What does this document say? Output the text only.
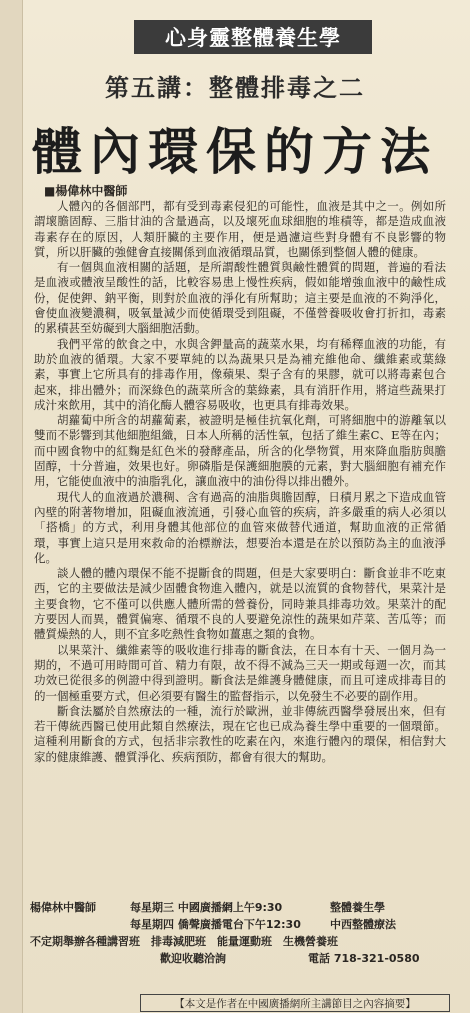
心身靈整體養生學
第五講：整體排毒之二
體內環保的方法
■楊偉林中醫師

人體內的各個部門，都有受到毒素侵犯的可能性，血液是其中之一。例如所謂壞膽固醇、三脂甘油的含量過高，以及壞死血球細胞的堆積等，都是造成血液毒素存在的原因，人類肝臟的主要作用，便是過濾這些對身體有不良影響的物質，所以肝臟的強健會直接關係到血液循環品質，也關係到整個人體的健康。

有一個與血液相關的話題，是所謂酸性體質與鹼性體質的問題，普遍的看法是血液或體液呈酸性的話，比較容易患上慢性疾病，假如能增強血液中的鹼性成份，促使鉀、鈉平衡，則對於血液的淨化有所幫助；這主要是血液的不夠淨化，會使血液變濃稠，吸氧量減少而使循環受到阻礙，不僅營養吸收會打折扣，毒素的累積甚至妨礙到大腦細胞活動。

我們平常的飲食之中，水與含鉀量高的蔬菜水果，均有稀釋血液的功能，有助於血液的循環。大家不要單純的以為蔬果只是為補充維他命、纖維素或葉綠素，事實上它所具有的排毒作用，像蘋果、梨子含有的果膠，就可以將毒素包合起來，排出體外；而深綠色的蔬菜所含的葉綠素，具有消肝作用，將這些蔬果打成汁來飲用，其中的消化酶人體容易吸收，也更具有排毒效果。

胡蘿蔔中所含的胡蘿蔔素，被證明是極佳抗氧化劑，可將細胞中的游離氧以雙而不影響到其他細胞組織，日本人所稱的活性氧，包括了維生素C、E等在內；而中國食物中的紅麴是紅色米的發酵產品，所含的化學物質，用來降血脂肪與膽固醇，十分普遍，效果也好。卵磷脂是保護細胞膜的元素，對大腦細胞有補充作用，它能使血液中的油脂乳化，讓血液中的油份得以排出體外。

現代人的血液過於濃稠、含有過高的油脂與膽固醇，日積月累之下造成血管內壁的附著物增加，阻礙血液流通，引發心血管的疾病，許多嚴重的病人必須以「搭橋」的方式，利用身體其他部位的血管來做替代通道，幫助血液的正常循環，事實上這只是用來救命的治標辦法，想要治本還是在於以預防為主的血液淨化。

談人體的體內環保不能不提斷食的問題，但是大家要明白：斷食並非不吃東西，它的主要做法是減少固體食物進入體內，就是以流質的食物替代，果菜汁是主要食物，它不僅可以供應人體所需的營養份，同時兼具排毒功效。果菜汁的配方要因人而異，體質偏寒、循環不良的人要避免涼性的蔬果如芹菜、苦瓜等；而體質燥熱的人，則不宜多吃熱性食物如薑惠之類的食物。

以果菜汁、纖維素等的吸收進行排毒的斷食法，在日本有十天、一個月為一期的，不過可用時間可首、精力有限，故不得不減為三天一期或每週一次，而其功效已從很多的例證中得到證明。斷食法是維護身體健康，而且可達成排毒目的的一個極重要方式，但必須要有醫生的監督指示，以免發生不必要的副作用。

斷食法屬於自然療法的一種，流行於歐洲，並非傳統西醫學發展出來，但有若干傳統西醫已使用此類自然療法，現在它也已成為養生學中重要的一個環節。這種利用斷食的方式，包括非宗教性的吃素在內，來進行體內的環保，相信對大家的健康維護、體質淨化、疾病預防，都會有很大的幫助。

楊偉林中醫師	每星期三 中國廣播網上午9:30	整體養生學
每星期四 僑聲廣播電台下午12:30	中西整體療法
不定期舉辦各種講習班　排毒減肥班　能量運動班　生機營養班
歡迎收聽洽詢	電話 718-321-0580
【本文是作者在中國廣播網所主講節目之內容摘要】
